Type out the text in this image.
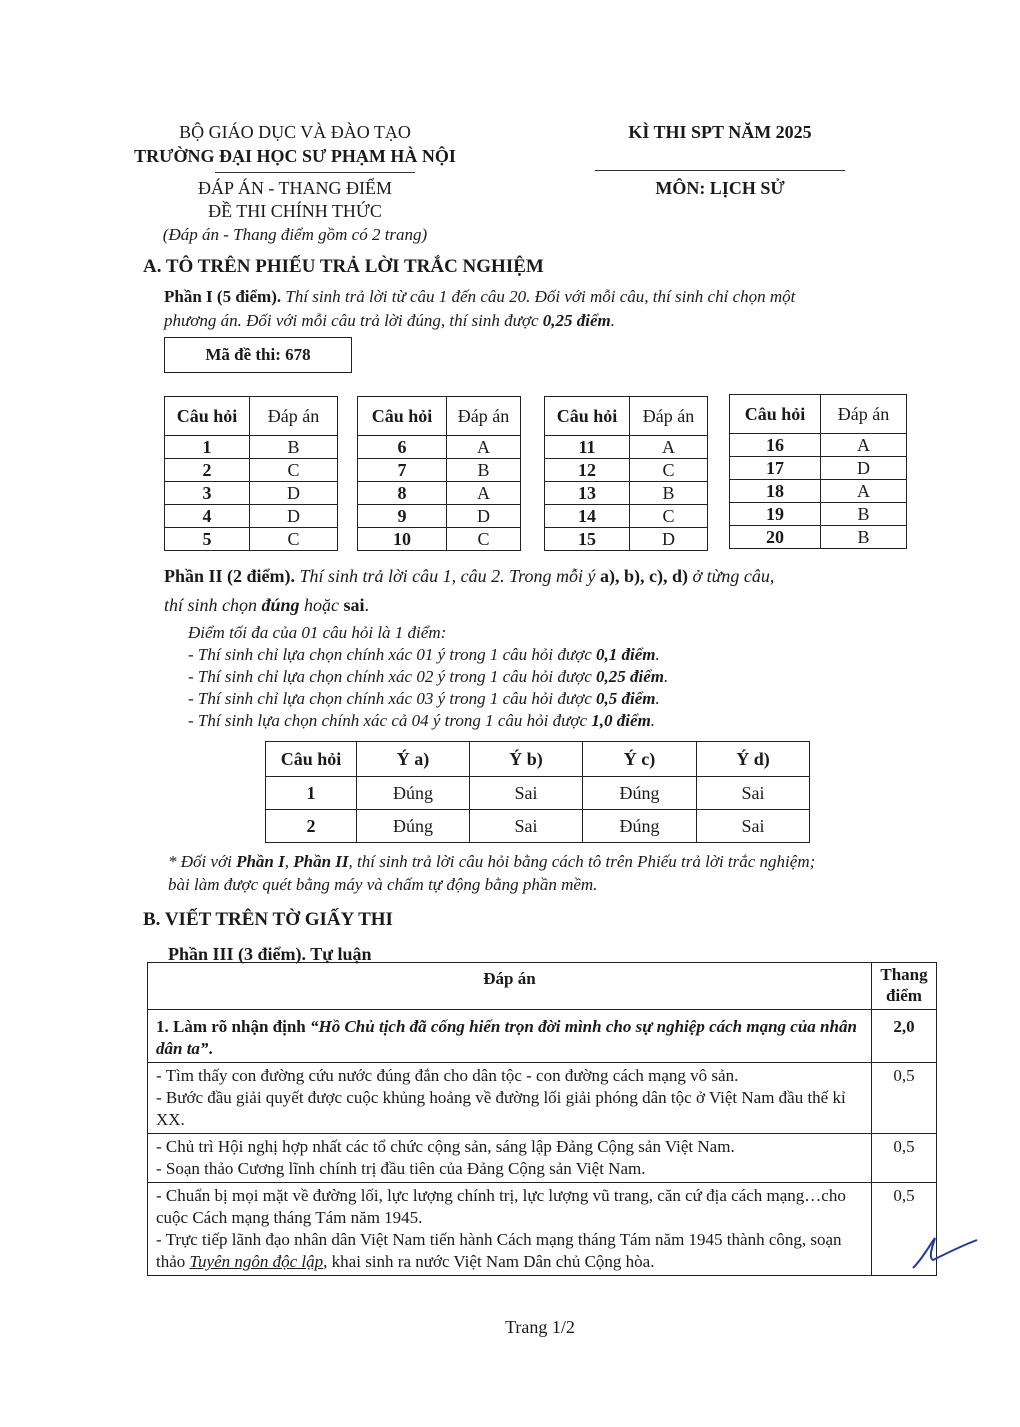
BỘ GIÁO DỤC VÀ ĐÀO TẠO
TRƯỜNG ĐẠI HỌC SƯ PHẠM HÀ NỘI
ĐÁP ÁN - THANG ĐIỂM
ĐỀ THI CHÍNH THỨC
(Đáp án - Thang điểm gồm có 2 trang)
KÌ THI SPT NĂM 2025
MÔN: LỊCH SỬ
A. TÔ TRÊN PHIẾU TRẢ LỜI TRẮC NGHIỆM
Phần I (5 điểm). Thí sinh trả lời từ câu 1 đến câu 20. Đối với mỗi câu, thí sinh chỉ chọn một
phương án. Đối với mỗi câu trả lời đúng, thí sinh được 0,25 điểm.
Mã đề thi: 678
Câu hỏi	Đáp án
1	B
2	C
3	D
4	D
5	C
Câu hỏi	Đáp án
6	A
7	B
8	A
9	D
10	C
Câu hỏi	Đáp án
11	A
12	C
13	B
14	C
15	D
Câu hỏi	Đáp án
16	A
17	D
18	A
19	B
20	B
Phần II (2 điểm). Thí sinh trả lời câu 1, câu 2. Trong mỗi ý a), b), c), d) ở từng câu,
thí sinh chọn đúng hoặc sai.
Điểm tối đa của 01 câu hỏi là 1 điểm:
- Thí sinh chỉ lựa chọn chính xác 01 ý trong 1 câu hỏi được 0,1 điểm.
- Thí sinh chỉ lựa chọn chính xác 02 ý trong 1 câu hỏi được 0,25 điểm.
- Thí sinh chỉ lựa chọn chính xác 03 ý trong 1 câu hỏi được 0,5 điểm.
- Thí sinh lựa chọn chính xác cả 04 ý trong 1 câu hỏi được 1,0 điểm.
Câu hỏi	Ý a)	Ý b)	Ý c)	Ý d)
1	Đúng	Sai	Đúng	Sai
2	Đúng	Sai	Đúng	Sai
* Đối với Phần I, Phần II, thí sinh trả lời câu hỏi bằng cách tô trên Phiếu trả lời trắc nghiệm;
bài làm được quét bằng máy và chấm tự động bằng phần mềm.
B. VIẾT TRÊN TỜ GIẤY THI
Phần III (3 điểm). Tự luận
Đáp án	Thang
điểm
1. Làm rõ nhận định “Hồ Chủ tịch đã cống hiến trọn đời mình cho sự nghiệp cách mạng của nhân dân ta”.	2,0

- Tìm thấy con đường cứu nước đúng đắn cho dân tộc - con đường cách mạng vô sản.
- Bước đầu giải quyết được cuộc khủng hoảng về đường lối giải phóng dân tộc ở Việt Nam đầu thế kỉ XX.	0,5

- Chủ trì Hội nghị hợp nhất các tổ chức cộng sản, sáng lập Đảng Cộng sản Việt Nam.
- Soạn thảo Cương lĩnh chính trị đầu tiên của Đảng Cộng sản Việt Nam.	0,5

- Chuẩn bị mọi mặt về đường lối, lực lượng chính trị, lực lượng vũ trang, căn cứ địa cách mạng…cho cuộc Cách mạng tháng Tám năm 1945.
- Trực tiếp lãnh đạo nhân dân Việt Nam tiến hành Cách mạng tháng Tám năm 1945 thành công, soạn thảo Tuyên ngôn độc lập, khai sinh ra nước Việt Nam Dân chủ Cộng hòa.	0,5
Trang 1/2
